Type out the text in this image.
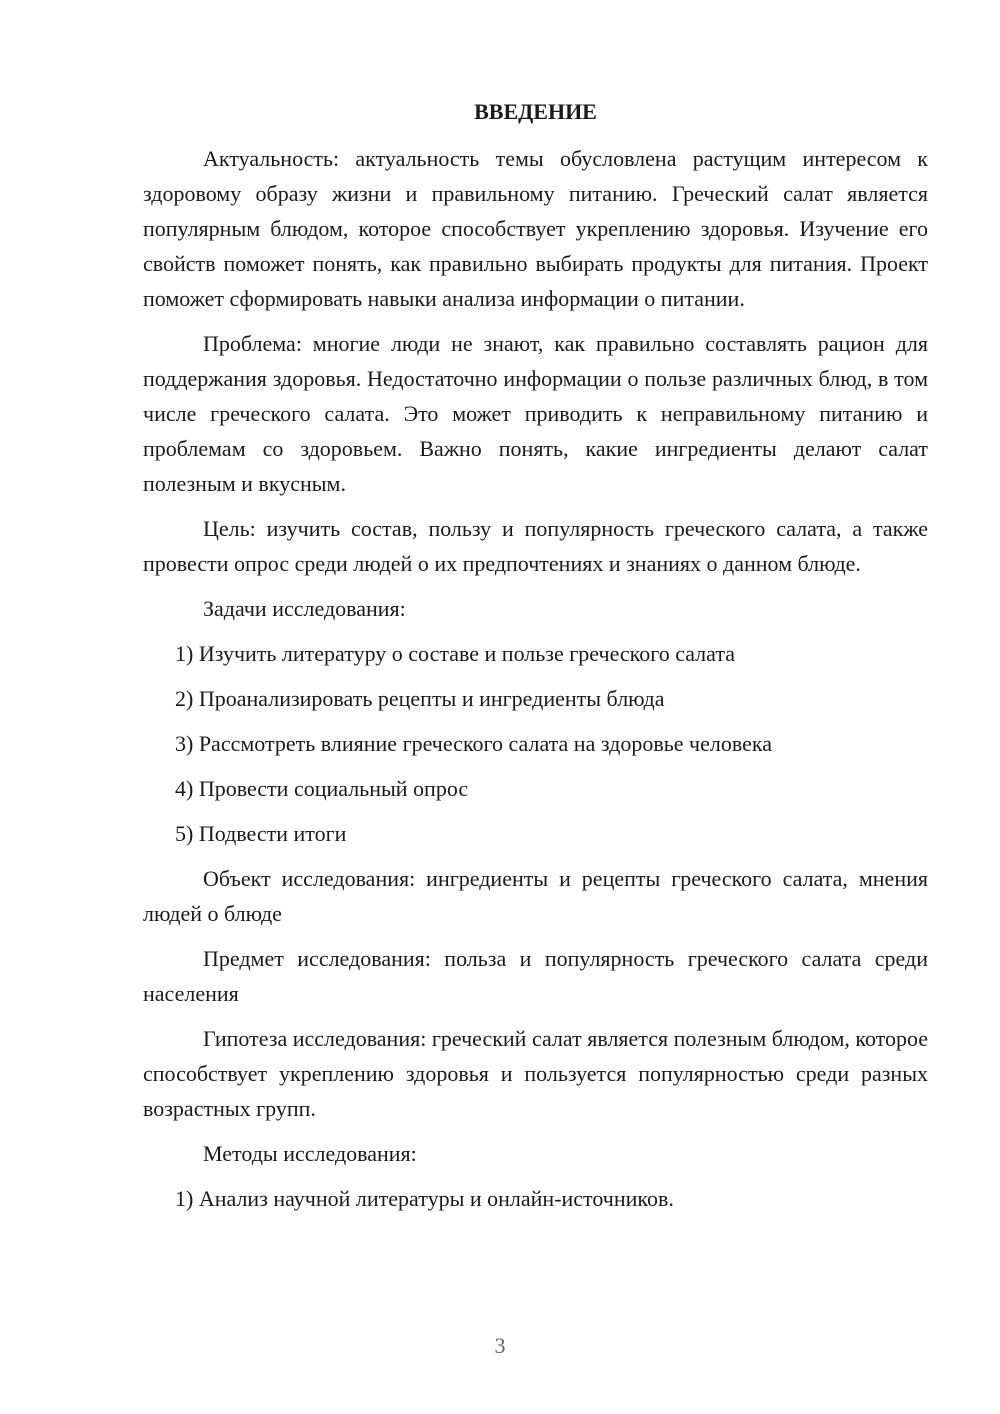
ВВЕДЕНИЕ
Актуальность: актуальность темы обусловлена растущим интересом к здоровому образу жизни и правильному питанию. Греческий салат является популярным блюдом, которое способствует укреплению здоровья. Изучение его свойств поможет понять, как правильно выбирать продукты для питания. Проект поможет сформировать навыки анализа информации о питании.
Проблема: многие люди не знают, как правильно составлять рацион для поддержания здоровья. Недостаточно информации о пользе различных блюд, в том числе греческого салата. Это может приводить к неправильному питанию и проблемам со здоровьем. Важно понять, какие ингредиенты делают салат полезным и вкусным.
Цель: изучить состав, пользу и популярность греческого салата, а также провести опрос среди людей о их предпочтениях и знаниях о данном блюде.
Задачи исследования:
1) Изучить литературу о составе и пользе греческого салата
2) Проанализировать рецепты и ингредиенты блюда
3) Рассмотреть влияние греческого салата на здоровье человека
4) Провести социальный опрос
5) Подвести итоги
Объект исследования: ингредиенты и рецепты греческого салата, мнения людей о блюде
Предмет исследования: польза и популярность греческого салата среди населения
Гипотеза исследования: греческий салат является полезным блюдом, которое способствует укреплению здоровья и пользуется популярностью среди разных возрастных групп.
Методы исследования:
1) Анализ научной литературы и онлайн-источников.
3
